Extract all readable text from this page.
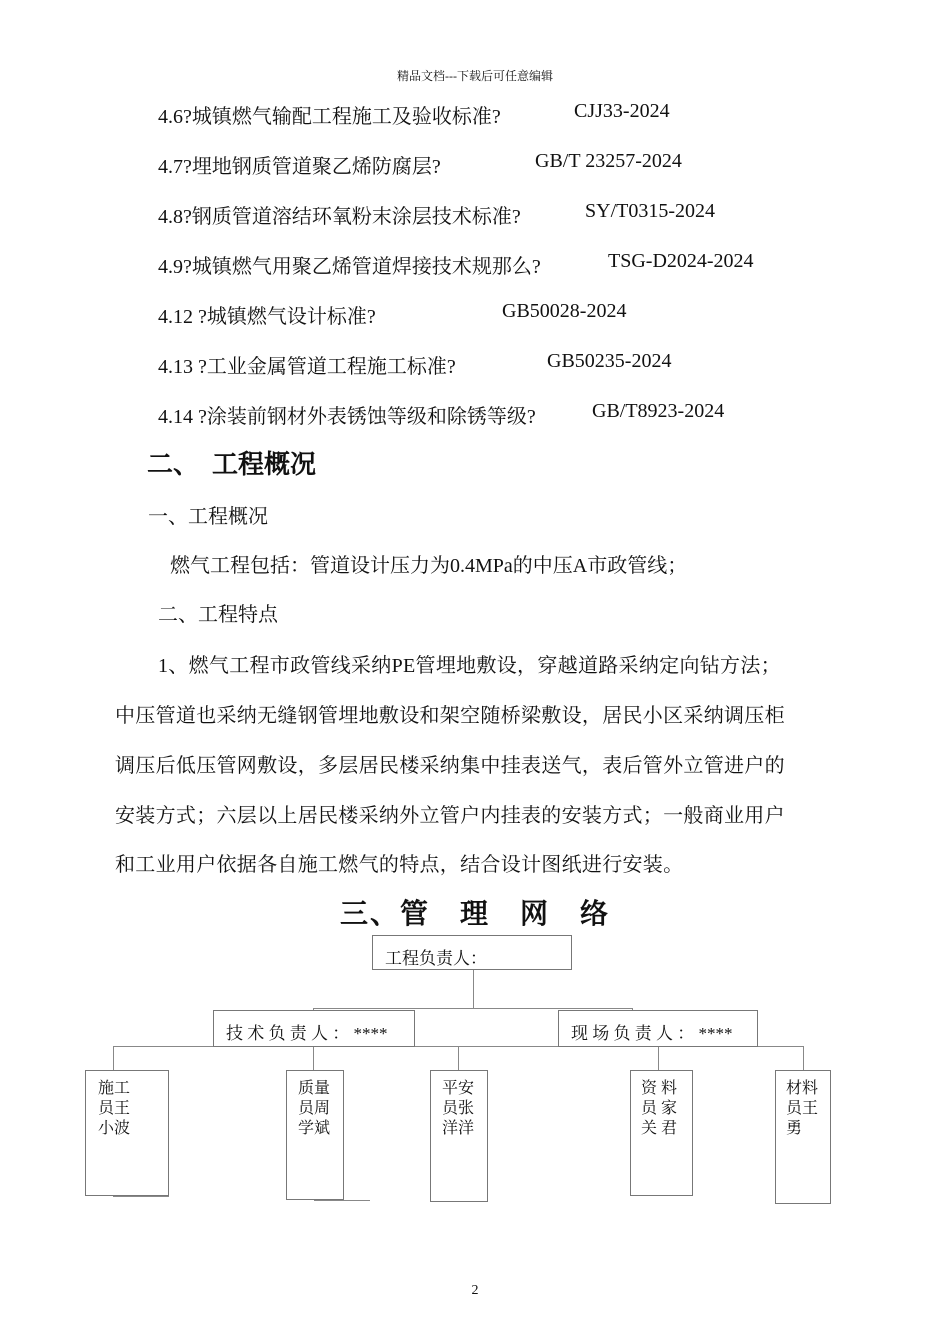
精品文档---下载后可任意编辑
4.6?城镇燃气输配工程施工及验收标准?	CJJ33-2024
4.7?埋地钢质管道聚乙烯防腐层?	GB/T 23257-2024
4.8?钢质管道溶结环氧粉末涂层技术标准?	SY/T0315-2024
4.9?城镇燃气用聚乙烯管道焊接技术规那么?	TSG-D2024-2024
4.12 ?城镇燃气设计标准?	GB50028-2024
4.13 ?工业金属管道工程施工标准?	GB50235-2024
4.14 ?涂装前钢材外表锈蚀等级和除锈等级?	GB/T8923-2024
二、　工程概况
一、工程概况
燃气工程包括：管道设计压力为0.4MPa的中压A市政管线；
二、工程特点
1、燃气工程市政管线采纳PE管埋地敷设，穿越道路采纳定向钻方法；
中压管道也采纳无缝钢管埋地敷设和架空随桥梁敷设，居民小区采纳调压柜
调压后低压管网敷设，多层居民楼采纳集中挂表送气，表后管外立管进户的
安装方式；六层以上居民楼采纳外立管户内挂表的安装方式；一般商业用户
和工业用户依据各自施工燃气的特点，结合设计图纸进行安装。
三、管　理　网　络
工程负责人：
技 术 负 责 人 ： ****	现 场 负 责 人 ： ****
施工员王小波
质量员周学斌
平安员张洋洋
资 料员 家关 君
材料员王勇
2
